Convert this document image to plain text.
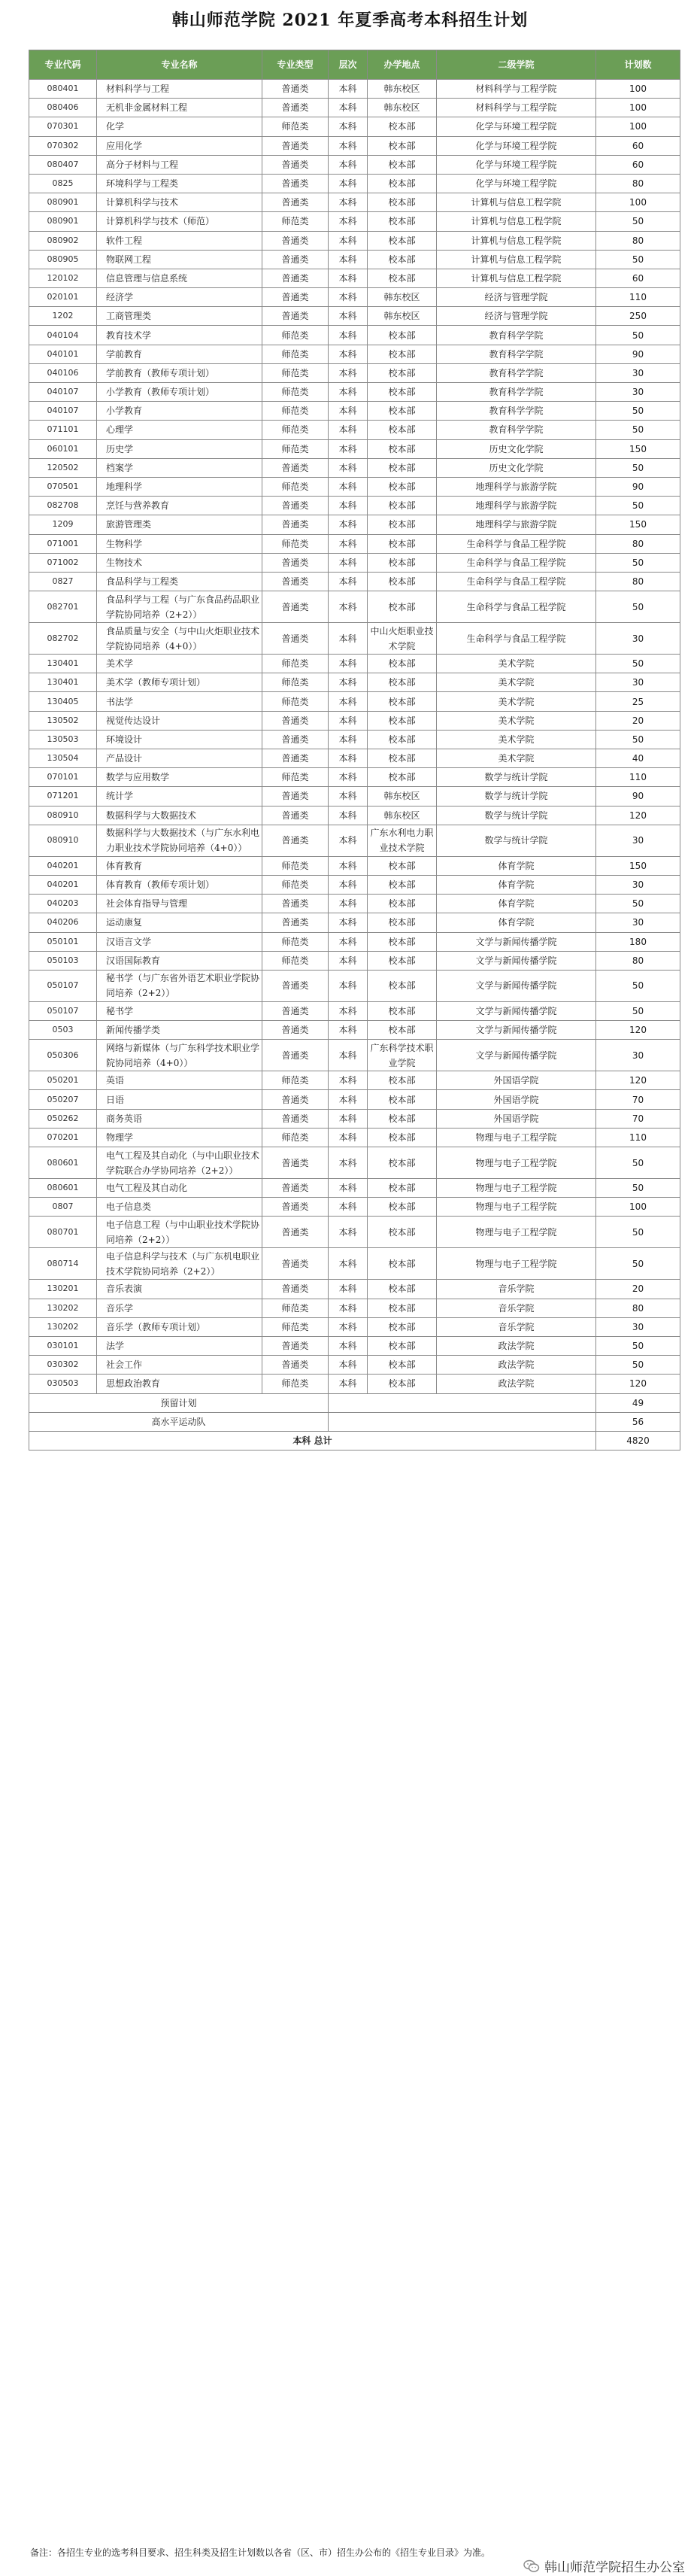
韩山师范学院 2021 年夏季高考本科招生计划
专业代码	专业名称	专业类型	层次	办学地点	二级学院	计划数
080401	材料科学与工程	普通类	本科	韩东校区	材料科学与工程学院	100
080406	无机非金属材料工程	普通类	本科	韩东校区	材料科学与工程学院	100
070301	化学	师范类	本科	校本部	化学与环境工程学院	100
070302	应用化学	普通类	本科	校本部	化学与环境工程学院	60
080407	高分子材料与工程	普通类	本科	校本部	化学与环境工程学院	60
0825	环境科学与工程类	普通类	本科	校本部	化学与环境工程学院	80
080901	计算机科学与技术	普通类	本科	校本部	计算机与信息工程学院	100
080901	计算机科学与技术（师范）	师范类	本科	校本部	计算机与信息工程学院	50
080902	软件工程	普通类	本科	校本部	计算机与信息工程学院	80
080905	物联网工程	普通类	本科	校本部	计算机与信息工程学院	50
120102	信息管理与信息系统	普通类	本科	校本部	计算机与信息工程学院	60
020101	经济学	普通类	本科	韩东校区	经济与管理学院	110
1202	工商管理类	普通类	本科	韩东校区	经济与管理学院	250
040104	教育技术学	师范类	本科	校本部	教育科学学院	50
040101	学前教育	师范类	本科	校本部	教育科学学院	90
040106	学前教育（教师专项计划）	师范类	本科	校本部	教育科学学院	30
040107	小学教育（教师专项计划）	师范类	本科	校本部	教育科学学院	30
040107	小学教育	师范类	本科	校本部	教育科学学院	50
071101	心理学	师范类	本科	校本部	教育科学学院	50
060101	历史学	师范类	本科	校本部	历史文化学院	150
120502	档案学	普通类	本科	校本部	历史文化学院	50
070501	地理科学	师范类	本科	校本部	地理科学与旅游学院	90
082708	烹饪与营养教育	普通类	本科	校本部	地理科学与旅游学院	50
1209	旅游管理类	普通类	本科	校本部	地理科学与旅游学院	150
071001	生物科学	师范类	本科	校本部	生命科学与食品工程学院	80
071002	生物技术	普通类	本科	校本部	生命科学与食品工程学院	50
0827	食品科学与工程类	普通类	本科	校本部	生命科学与食品工程学院	80
082701	食品科学与工程（与广东食品药品职业学院协同培养（2+2））	普通类	本科	校本部	生命科学与食品工程学院	50
082702	食品质量与安全（与中山火炬职业技术学院协同培养（4+0））	普通类	本科	中山火炬职业技术学院	生命科学与食品工程学院	30
130401	美术学	师范类	本科	校本部	美术学院	50
130401	美术学（教师专项计划）	师范类	本科	校本部	美术学院	30
130405	书法学	师范类	本科	校本部	美术学院	25
130502	视觉传达设计	普通类	本科	校本部	美术学院	20
130503	环境设计	普通类	本科	校本部	美术学院	50
130504	产品设计	普通类	本科	校本部	美术学院	40
070101	数学与应用数学	师范类	本科	校本部	数学与统计学院	110
071201	统计学	普通类	本科	韩东校区	数学与统计学院	90
080910	数据科学与大数据技术	普通类	本科	韩东校区	数学与统计学院	120
080910	数据科学与大数据技术（与广东水利电力职业技术学院协同培养（4+0））	普通类	本科	广东水利电力职业技术学院	数学与统计学院	30
040201	体育教育	师范类	本科	校本部	体育学院	150
040201	体育教育（教师专项计划）	师范类	本科	校本部	体育学院	30
040203	社会体育指导与管理	普通类	本科	校本部	体育学院	50
040206	运动康复	普通类	本科	校本部	体育学院	30
050101	汉语言文学	师范类	本科	校本部	文学与新闻传播学院	180
050103	汉语国际教育	师范类	本科	校本部	文学与新闻传播学院	80
050107	秘书学（与广东省外语艺术职业学院协同培养（2+2））	普通类	本科	校本部	文学与新闻传播学院	50
050107	秘书学	普通类	本科	校本部	文学与新闻传播学院	50
0503	新闻传播学类	普通类	本科	校本部	文学与新闻传播学院	120
050306	网络与新媒体（与广东科学技术职业学院协同培养（4+0））	普通类	本科	广东科学技术职业学院	文学与新闻传播学院	30
050201	英语	师范类	本科	校本部	外国语学院	120
050207	日语	普通类	本科	校本部	外国语学院	70
050262	商务英语	普通类	本科	校本部	外国语学院	70
070201	物理学	师范类	本科	校本部	物理与电子工程学院	110
080601	电气工程及其自动化（与中山职业技术学院联合办学协同培养（2+2））	普通类	本科	校本部	物理与电子工程学院	50
080601	电气工程及其自动化	普通类	本科	校本部	物理与电子工程学院	50
0807	电子信息类	普通类	本科	校本部	物理与电子工程学院	100
080701	电子信息工程（与中山职业技术学院协同培养（2+2））	普通类	本科	校本部	物理与电子工程学院	50
080714	电子信息科学与技术（与广东机电职业技术学院协同培养（2+2））	普通类	本科	校本部	物理与电子工程学院	50
130201	音乐表演	普通类	本科	校本部	音乐学院	20
130202	音乐学	师范类	本科	校本部	音乐学院	80
130202	音乐学（教师专项计划）	师范类	本科	校本部	音乐学院	30
030101	法学	普通类	本科	校本部	政法学院	50
030302	社会工作	普通类	本科	校本部	政法学院	50
030503	思想政治教育	师范类	本科	校本部	政法学院	120
预留计划						49
高水平运动队						56
本科 总计						4820
备注：各招生专业的选考科目要求、招生科类及招生计划数以各省（区、市）招生办公布的《招生专业目录》为准。
韩山师范学院招生办公室
